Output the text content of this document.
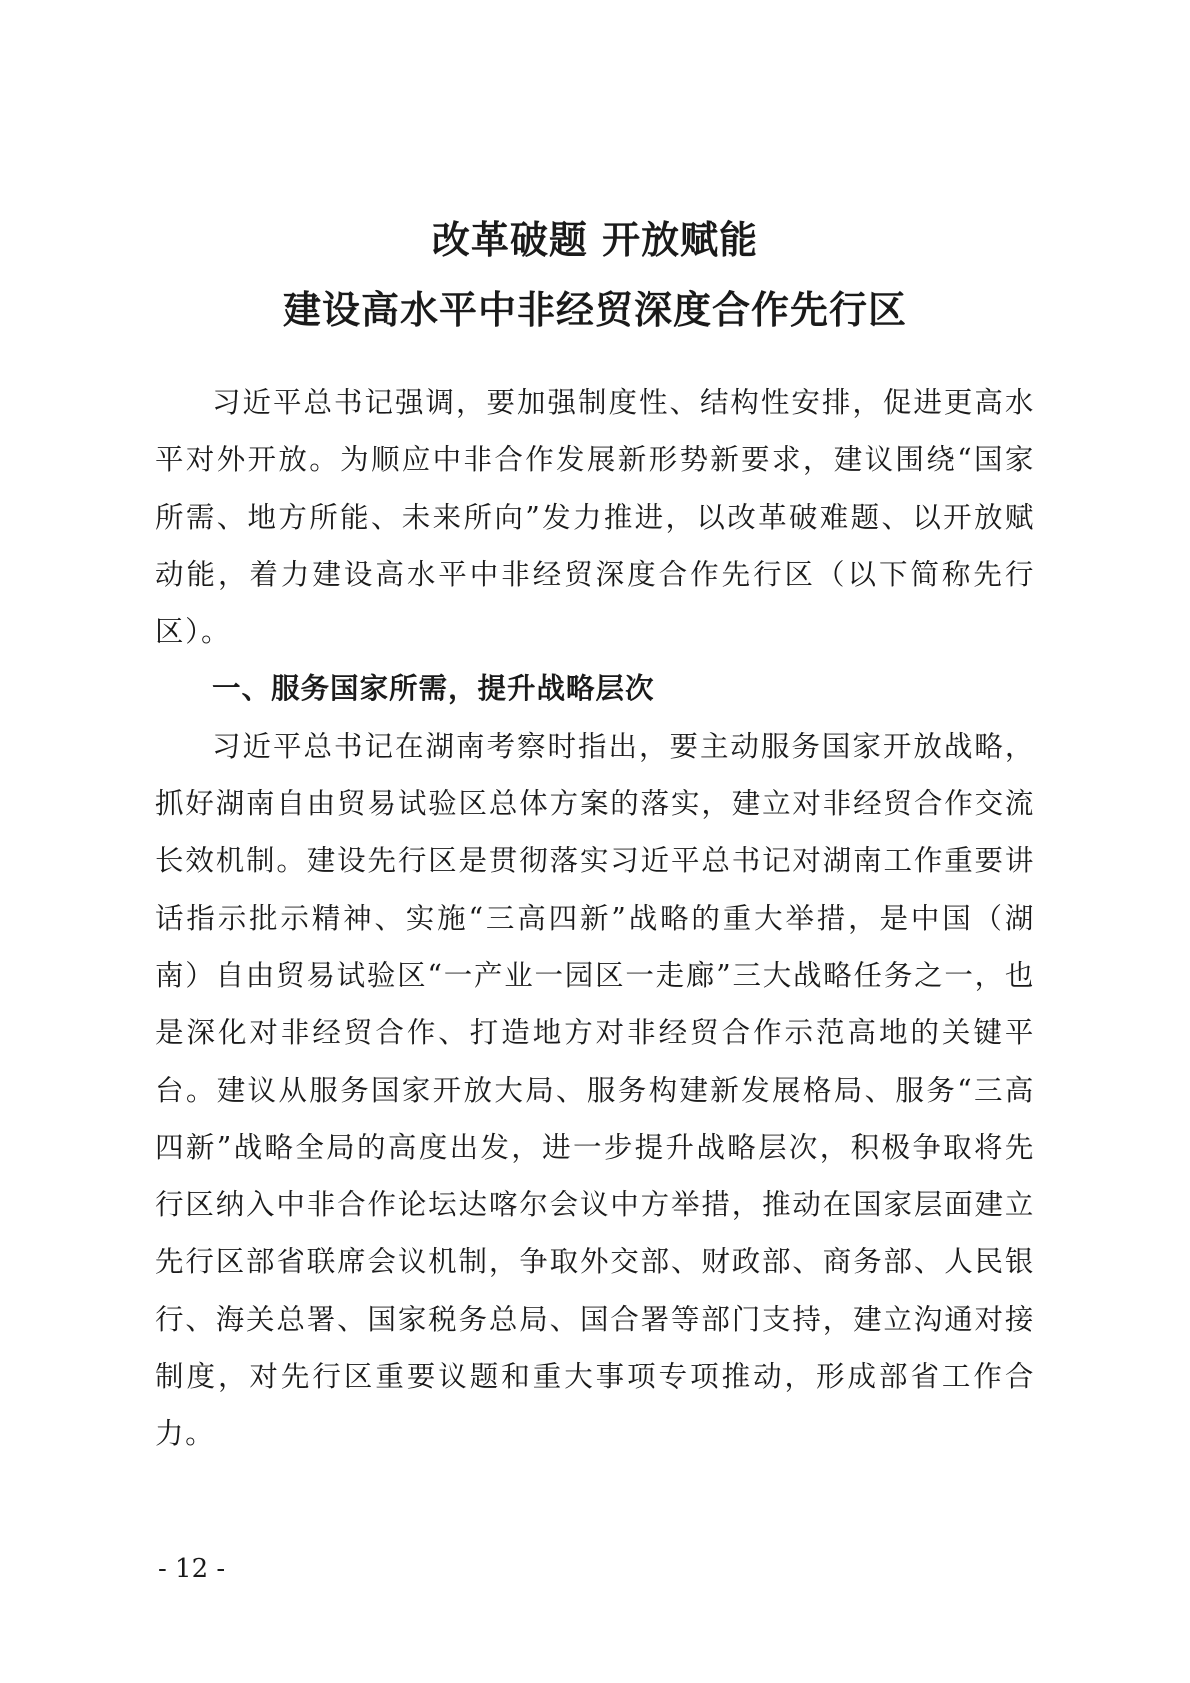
改革破题 开放赋能
建设高水平中非经贸深度合作先行区

习近平总书记强调，要加强制度性、结构性安排，促进更高水平对外开放。为顺应中非合作发展新形势新要求，建议围绕“国家所需、地方所能、未来所向”发力推进，以改革破难题、以开放赋动能，着力建设高水平中非经贸深度合作先行区（以下简称先行区）。

一、服务国家所需，提升战略层次

习近平总书记在湖南考察时指出，要主动服务国家开放战略，抓好湖南自由贸易试验区总体方案的落实，建立对非经贸合作交流长效机制。建设先行区是贯彻落实习近平总书记对湖南工作重要讲话指示批示精神、实施“三高四新”战略的重大举措，是中国（湖南）自由贸易试验区“一产业一园区一走廊”三大战略任务之一，也是深化对非经贸合作、打造地方对非经贸合作示范高地的关键平台。建议从服务国家开放大局、服务构建新发展格局、服务“三高四新”战略全局的高度出发，进一步提升战略层次，积极争取将先行区纳入中非合作论坛达喀尔会议中方举措，推动在国家层面建立先行区部省联席会议机制，争取外交部、财政部、商务部、人民银行、海关总署、国家税务总局、国合署等部门支持，建立沟通对接制度，对先行区重要议题和重大事项专项推动，形成部省工作合力。

- 12 -
